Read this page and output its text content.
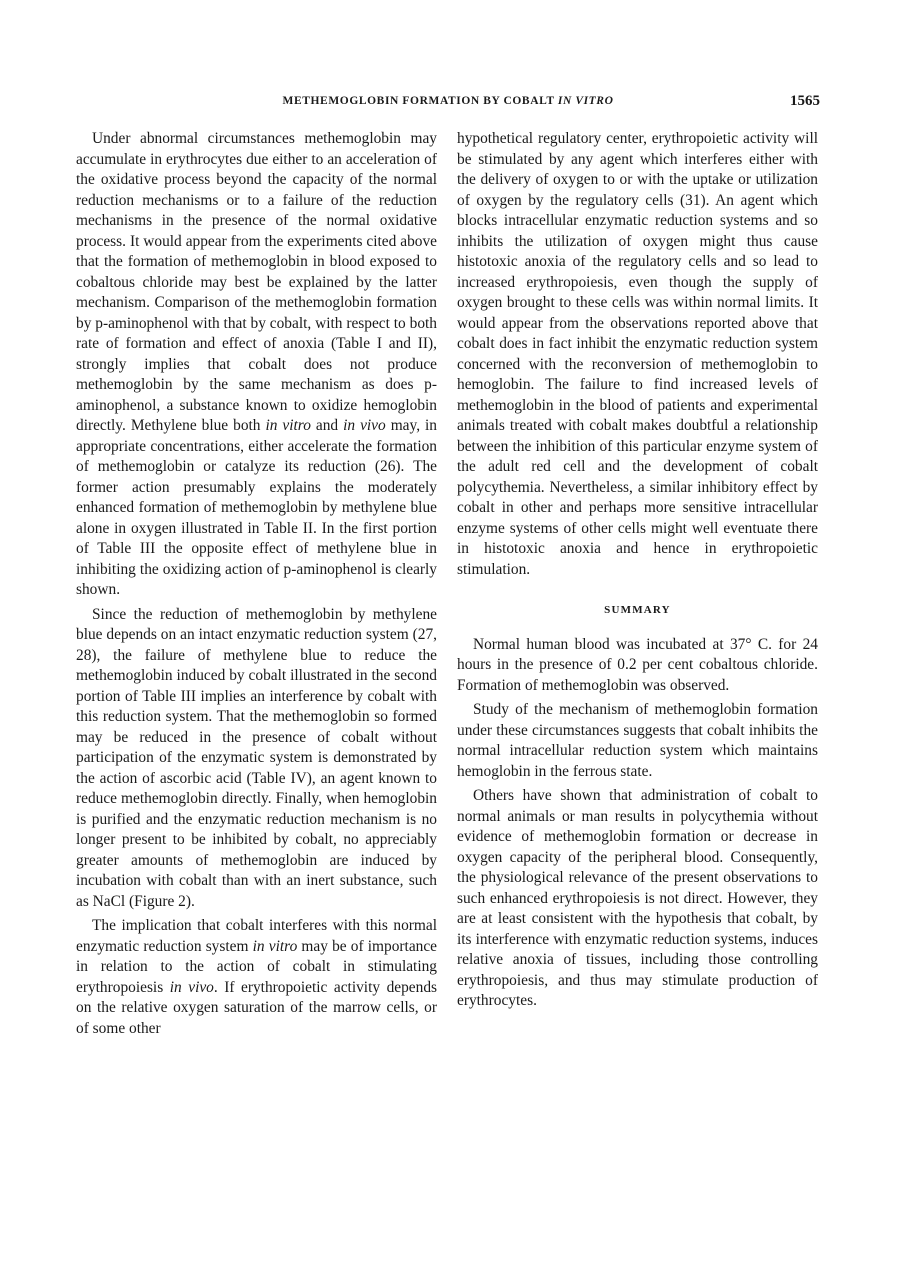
METHEMOGLOBIN FORMATION BY COBALT IN VITRO	1565

Under abnormal circumstances methemoglobin may accumulate in erythrocytes due either to an acceleration of the oxidative process beyond the capacity of the normal reduction mechanisms or to a failure of the reduction mechanisms in the presence of the normal oxidative process. It would appear from the experiments cited above that the formation of methemoglobin in blood exposed to cobaltous chloride may best be explained by the latter mechanism. Comparison of the methemoglobin formation by p-aminophenol with that by cobalt, with respect to both rate of formation and effect of anoxia (Table I and II), strongly implies that cobalt does not produce methemoglobin by the same mechanism as does p-aminophenol, a substance known to oxidize hemoglobin directly. Methylene blue both in vitro and in vivo may, in appropriate concentrations, either accelerate the formation of methemoglobin or catalyze its reduction (26). The former action presumably explains the moderately enhanced formation of methemoglobin by methylene blue alone in oxygen illustrated in Table II. In the first portion of Table III the opposite effect of methylene blue in inhibiting the oxidizing action of p-aminophenol is clearly shown.

Since the reduction of methemoglobin by methylene blue depends on an intact enzymatic reduction system (27, 28), the failure of methylene blue to reduce the methemoglobin induced by cobalt illustrated in the second portion of Table III implies an interference by cobalt with this reduction system. That the methemoglobin so formed may be reduced in the presence of cobalt without participation of the enzymatic system is demonstrated by the action of ascorbic acid (Table IV), an agent known to reduce methemoglobin directly. Finally, when hemoglobin is purified and the enzymatic reduction mechanism is no longer present to be inhibited by cobalt, no appreciably greater amounts of methemoglobin are induced by incubation with cobalt than with an inert substance, such as NaCl (Figure 2).

The implication that cobalt interferes with this normal enzymatic reduction system in vitro may be of importance in relation to the action of cobalt in stimulating erythropoiesis in vivo. If erythropoietic activity depends on the relative oxygen saturation of the marrow cells, or of some other

hypothetical regulatory center, erythropoietic activity will be stimulated by any agent which interferes either with the delivery of oxygen to or with the uptake or utilization of oxygen by the regulatory cells (31). An agent which blocks intracellular enzymatic reduction systems and so inhibits the utilization of oxygen might thus cause histotoxic anoxia of the regulatory cells and so lead to increased erythropoiesis, even though the supply of oxygen brought to these cells was within normal limits. It would appear from the observations reported above that cobalt does in fact inhibit the enzymatic reduction system concerned with the reconversion of methemoglobin to hemoglobin. The failure to find increased levels of methemoglobin in the blood of patients and experimental animals treated with cobalt makes doubtful a relationship between the inhibition of this particular enzyme system of the adult red cell and the development of cobalt polycythemia. Nevertheless, a similar inhibitory effect by cobalt in other and perhaps more sensitive intracellular enzyme systems of other cells might well eventuate there in histotoxic anoxia and hence in erythropoietic stimulation.

SUMMARY

Normal human blood was incubated at 37° C. for 24 hours in the presence of 0.2 per cent cobaltous chloride. Formation of methemoglobin was observed.

Study of the mechanism of methemoglobin formation under these circumstances suggests that cobalt inhibits the normal intracellular reduction system which maintains hemoglobin in the ferrous state.

Others have shown that administration of cobalt to normal animals or man results in polycythemia without evidence of methemoglobin formation or decrease in oxygen capacity of the peripheral blood. Consequently, the physiological relevance of the present observations to such enhanced erythropoiesis is not direct. However, they are at least consistent with the hypothesis that cobalt, by its interference with enzymatic reduction systems, induces relative anoxia of tissues, including those controlling erythropoiesis, and thus may stimulate production of erythrocytes.
